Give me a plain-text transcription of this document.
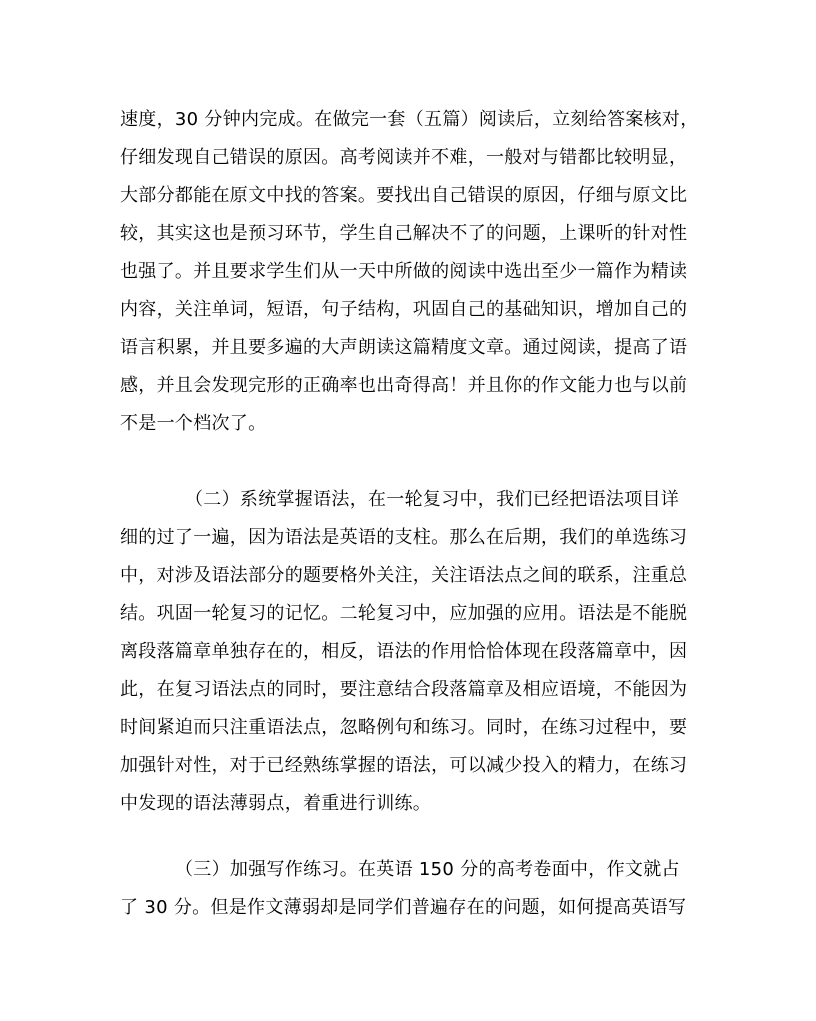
速度，30 分钟内完成。在做完一套（五篇）阅读后，立刻给答案核对，
仔细发现自己错误的原因。高考阅读并不难，一般对与错都比较明显，
大部分都能在原文中找的答案。要找出自己错误的原因，仔细与原文比
较，其实这也是预习环节，学生自己解决不了的问题，上课听的针对性
也强了。并且要求学生们从一天中所做的阅读中选出至少一篇作为精读
内容，关注单词，短语，句子结构，巩固自己的基础知识，增加自己的
语言积累，并且要多遍的大声朗读这篇精度文章。通过阅读，提高了语
感，并且会发现完形的正确率也出奇得高！并且你的作文能力也与以前
不是一个档次了。
（二）系统掌握语法，在一轮复习中，我们已经把语法项目详
细的过了一遍，因为语法是英语的支柱。那么在后期，我们的单选练习
中，对涉及语法部分的题要格外关注，关注语法点之间的联系，注重总
结。巩固一轮复习的记忆。二轮复习中，应加强的应用。语法是不能脱
离段落篇章单独存在的，相反，语法的作用恰恰体现在段落篇章中，因
此，在复习语法点的同时，要注意结合段落篇章及相应语境，不能因为
时间紧迫而只注重语法点，忽略例句和练习。同时，在练习过程中，要
加强针对性，对于已经熟练掌握的语法，可以减少投入的精力，在练习
中发现的语法薄弱点，着重进行训练。
（三）加强写作练习。在英语 150 分的高考卷面中，作文就占
了 30 分。但是作文薄弱却是同学们普遍存在的问题，如何提高英语写
